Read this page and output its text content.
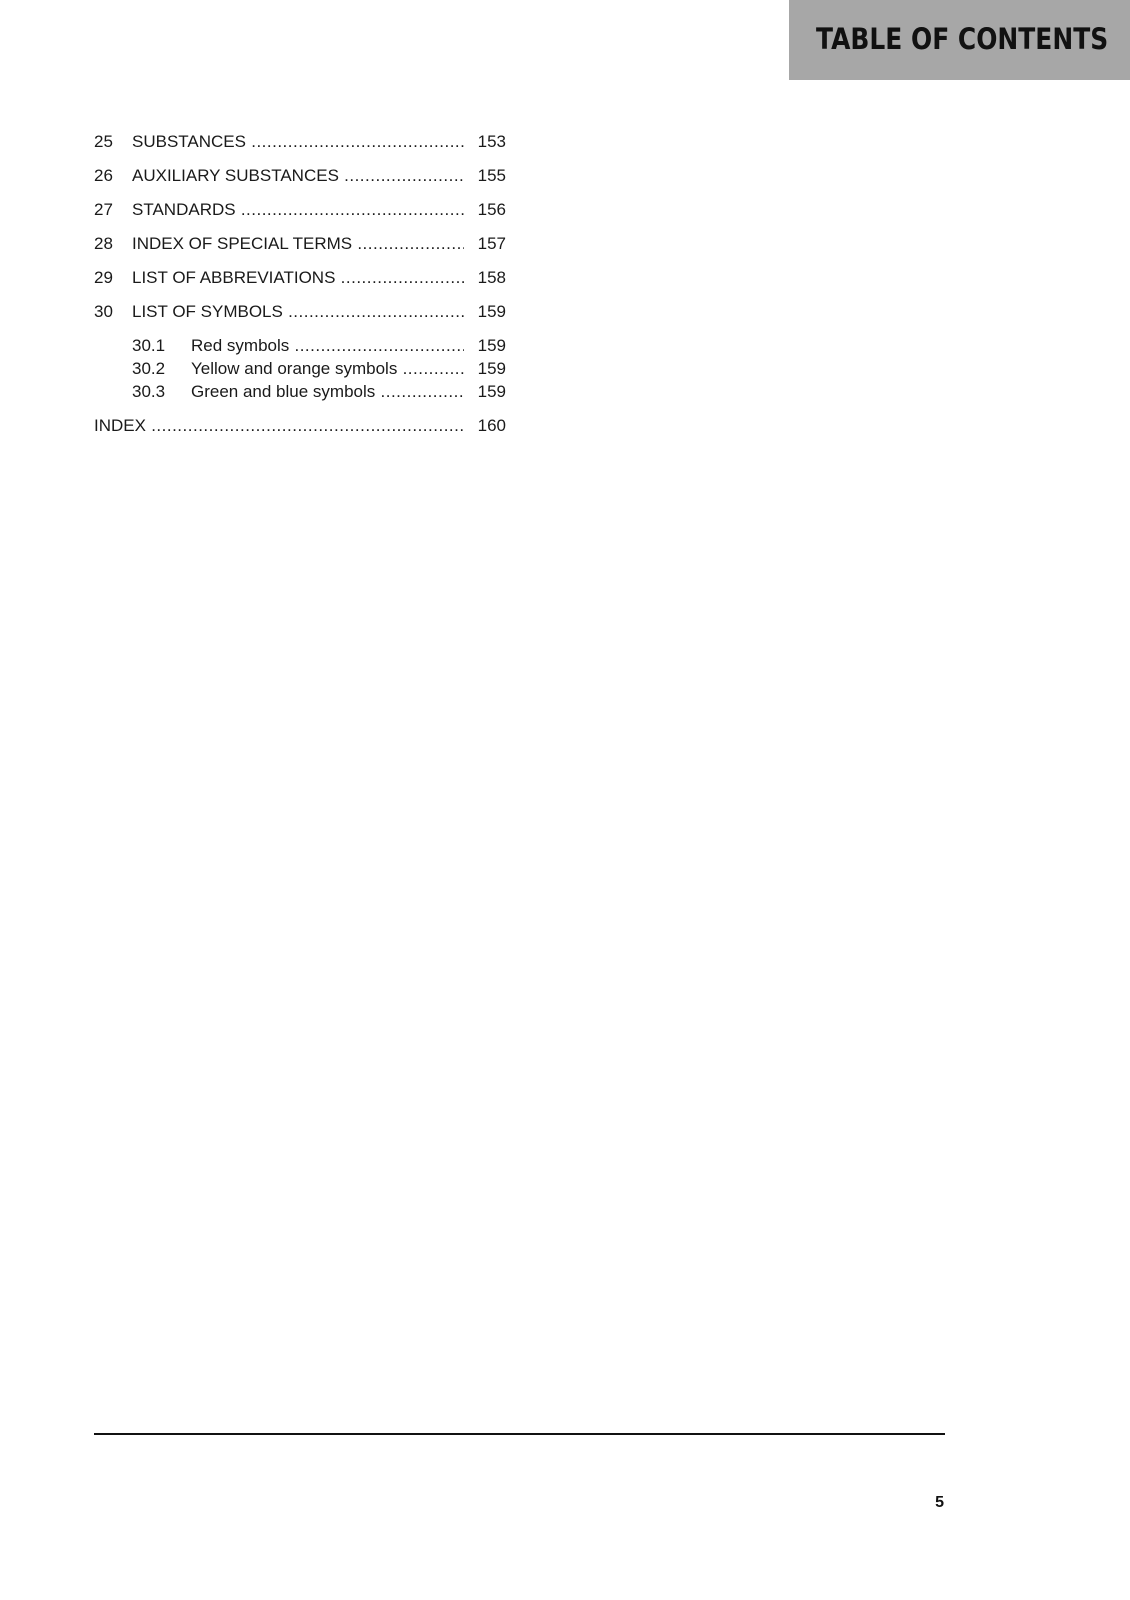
TABLE OF CONTENTS
25 SUBSTANCES .....	153
26 AUXILIARY SUBSTANCES .....	155
27 STANDARDS .....	156
28 INDEX OF SPECIAL TERMS .....	157
29 LIST OF ABBREVIATIONS .....	158
30 LIST OF SYMBOLS .....	159
30.1 Red symbols .....	159
30.2 Yellow and orange symbols .....	159
30.3 Green and blue symbols .....	159
INDEX .....	160
5
